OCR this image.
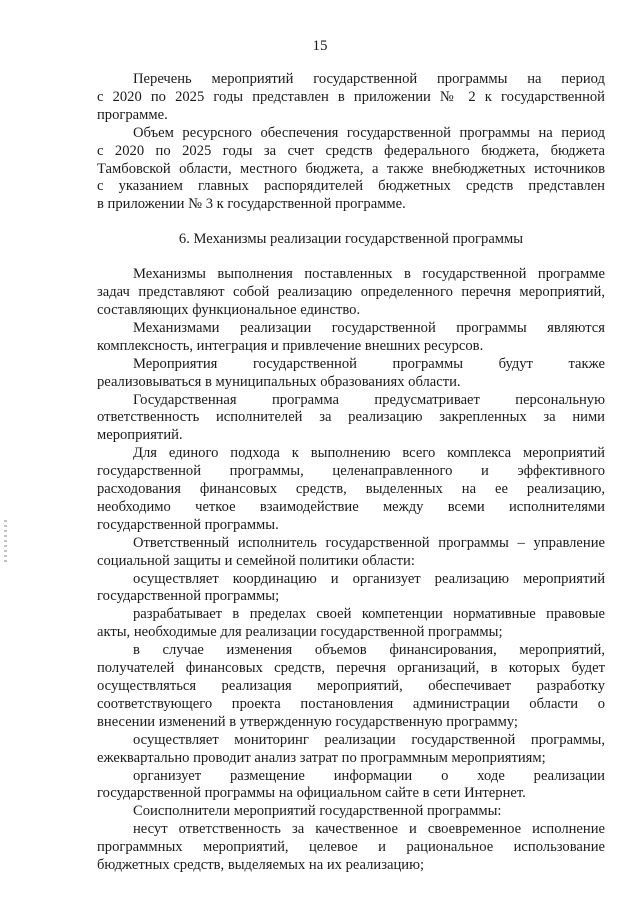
15
Перечень мероприятий государственной программы на период
с 2020 по 2025 годы представлен в приложении № 2 к государственной
программе.
Объем ресурсного обеспечения государственной программы на период
с 2020 по 2025 годы за счет средств федерального бюджета, бюджета
Тамбовской области, местного бюджета, а также внебюджетных источников
с указанием главных распорядителей бюджетных средств представлен
в приложении № 3 к государственной программе.
6. Механизмы реализации государственной программы
Механизмы выполнения поставленных в государственной программе
задач представляют собой реализацию определенного перечня мероприятий,
составляющих функциональное единство.
Механизмами реализации государственной программы являются
комплексность, интеграция и привлечение внешних ресурсов.
Мероприятия государственной программы будут также
реализовываться в муниципальных образованиях области.
Государственная программа предусматривает персональную
ответственность исполнителей за реализацию закрепленных за ними
мероприятий.
Для единого подхода к выполнению всего комплекса мероприятий
государственной программы, целенаправленного и эффективного
расходования финансовых средств, выделенных на ее реализацию,
необходимо четкое взаимодействие между всеми исполнителями
государственной программы.
Ответственный исполнитель государственной программы – управление
социальной защиты и семейной политики области:
осуществляет координацию и организует реализацию мероприятий
государственной программы;
разрабатывает в пределах своей компетенции нормативные правовые
акты, необходимые для реализации государственной программы;
в случае изменения объемов финансирования, мероприятий,
получателей финансовых средств, перечня организаций, в которых будет
осуществляться реализация мероприятий, обеспечивает разработку
соответствующего проекта постановления администрации области о
внесении изменений в утвержденную государственную программу;
осуществляет мониторинг реализации государственной программы,
ежеквартально проводит анализ затрат по программным мероприятиям;
организует размещение информации о ходе реализации
государственной программы на официальном сайте в сети Интернет.
Соисполнители мероприятий государственной программы:
несут ответственность за качественное и своевременное исполнение
программных мероприятий, целевое и рациональное использование
бюджетных средств, выделяемых на их реализацию;
